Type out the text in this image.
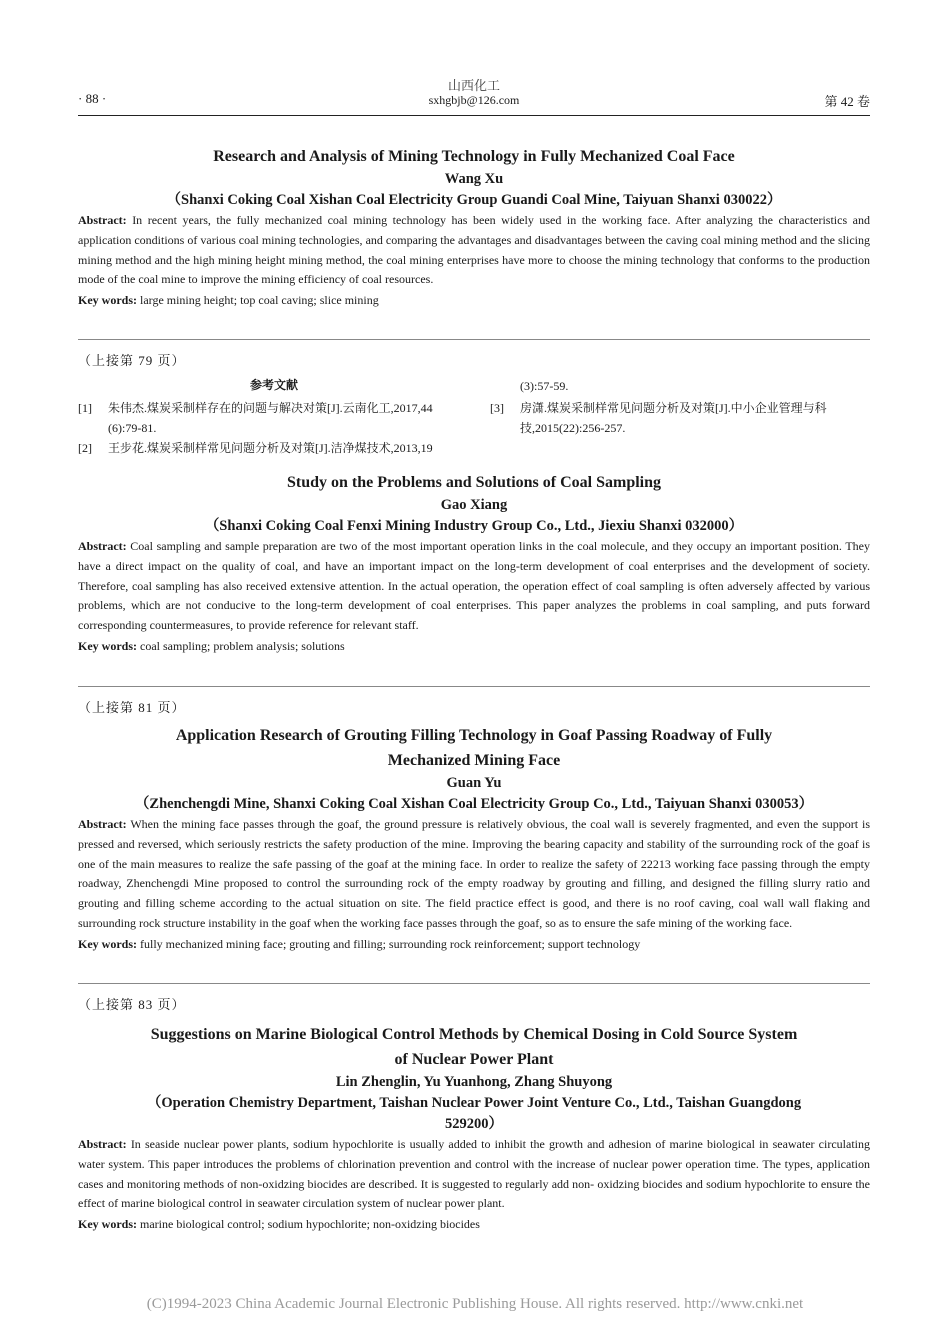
· 88 ·
山西化工
sxhgbjb@126.com	第 42 卷
Research and Analysis of Mining Technology in Fully Mechanized Coal Face
Wang Xu
（Shanxi Coking Coal Xishan Coal Electricity Group Guandi Coal Mine, Taiyuan Shanxi 030022）
Abstract: In recent years, the fully mechanized coal mining technology has been widely used in the working face. After analyzing the characteristics and application conditions of various coal mining technologies, and comparing the advantages and disadvantages between the caving coal mining method and the slicing mining method and the high mining height mining method, the coal mining enterprises have more to choose the mining technology that conforms to the production mode of the coal mine to improve the mining efficiency of coal resources.
Key words: large mining height; top coal caving; slice mining
（上接第 79 页）
参考文献
[1] 朱伟杰.煤炭采制样存在的问题与解决对策[J].云南化工,2017,44
(6):79-81.
[2] 王步花.煤炭采制样常见问题分析及对策[J].洁净煤技术,2013,19
(3):57-59.
[3] 房潇.煤炭采制样常见问题分析及对策[J].中小企业管理与科
技,2015(22):256-257.
Study on the Problems and Solutions of Coal Sampling
Gao Xiang
（Shanxi Coking Coal Fenxi Mining Industry Group Co., Ltd., Jiexiu Shanxi 032000）
Abstract: Coal sampling and sample preparation are two of the most important operation links in the coal molecule, and they occupy an important position. They have a direct impact on the quality of coal, and have an important impact on the long-term development of coal enterprises and the development of society. Therefore, coal sampling has also received extensive attention. In the actual operation, the operation effect of coal sampling is often adversely affected by various problems, which are not conducive to the long-term development of coal enterprises. This paper analyzes the problems in coal sampling, and puts forward corresponding countermeasures, to provide reference for relevant staff.
Key words: coal sampling; problem analysis; solutions
（上接第 81 页）
Application Research of Grouting Filling Technology in Goaf Passing Roadway of Fully
Mechanized Mining Face
Guan Yu
（Zhenchengdi Mine, Shanxi Coking Coal Xishan Coal Electricity Group Co., Ltd., Taiyuan Shanxi 030053）
Abstract: When the mining face passes through the goaf, the ground pressure is relatively obvious, the coal wall is severely fragmented, and even the support is pressed and reversed, which seriously restricts the safety production of the mine. Improving the bearing capacity and stability of the surrounding rock of the goaf is one of the main measures to realize the safe passing of the goaf at the mining face. In order to realize the safety of 22213 working face passing through the empty roadway, Zhenchengdi Mine proposed to control the surrounding rock of the empty roadway by grouting and filling, and designed the filling slurry ratio and grouting and filling scheme according to the actual situation on site. The field practice effect is good, and there is no roof caving, coal wall wall flaking and surrounding rock structure instability in the goaf when the working face passes through the goaf, so as to ensure the safe mining of the working face.
Key words: fully mechanized mining face; grouting and filling; surrounding rock reinforcement; support technology
（上接第 83 页）
Suggestions on Marine Biological Control Methods by Chemical Dosing in Cold Source System
of Nuclear Power Plant
Lin Zhenglin, Yu Yuanhong, Zhang Shuyong
（Operation Chemistry Department, Taishan Nuclear Power Joint Venture Co., Ltd., Taishan Guangdong
529200）
Abstract: In seaside nuclear power plants, sodium hypochlorite is usually added to inhibit the growth and adhesion of marine biological in seawater circulating water system. This paper introduces the problems of chlorination prevention and control with the increase of nuclear power operation time. The types, application cases and monitoring methods of non-oxidzing biocides are described. It is suggested to regularly add non- oxidzing biocides and sodium hypochlorite to ensure the effect of marine biological control in seawater circulation system of nuclear power plant.
Key words: marine biological control; sodium hypochlorite; non-oxidzing biocides
(C)1994-2023 China Academic Journal Electronic Publishing House. All rights reserved. http://www.cnki.net
